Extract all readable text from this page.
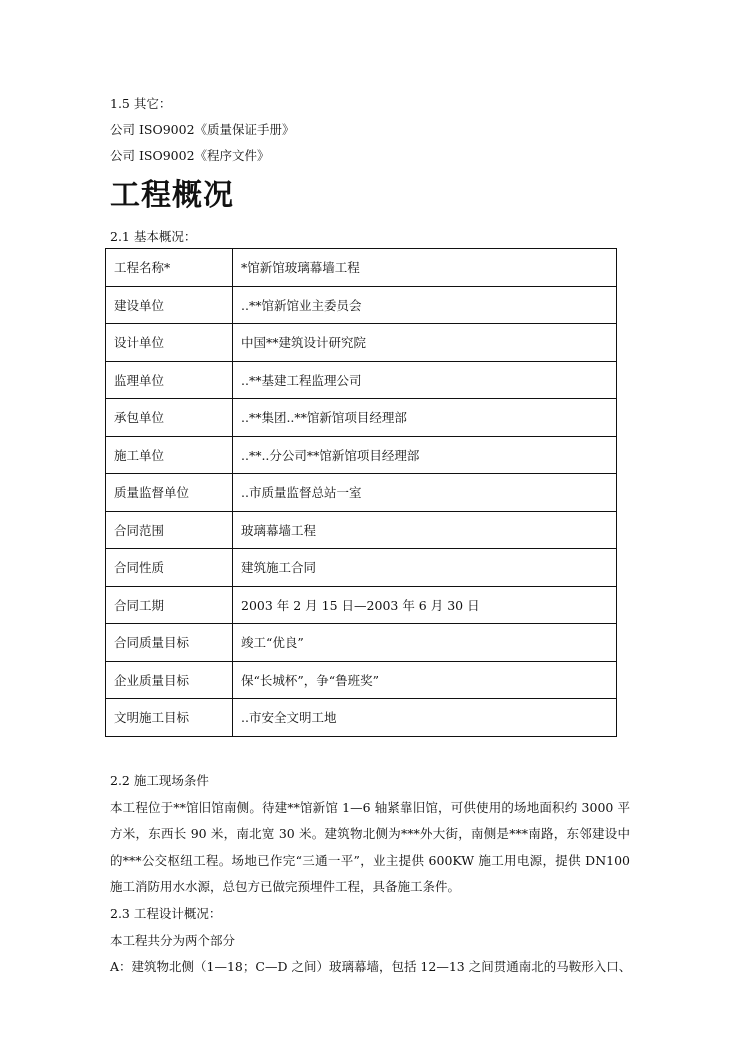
1.5 其它：
公司 ISO9002《质量保证手册》
公司 ISO9002《程序文件》
工程概况
2.1 基本概况：
工程名称*	*馆新馆玻璃幕墙工程
建设单位	..**馆新馆业主委员会
设计单位	中国**建筑设计研究院
监理单位	..**基建工程监理公司
承包单位	..**集团..**馆新馆项目经理部
施工单位	..**..分公司**馆新馆项目经理部
质量监督单位	..市质量监督总站一室
合同范围	玻璃幕墙工程
合同性质	建筑施工合同
合同工期	2003 年 2 月 15 日—2003 年 6 月 30 日
合同质量目标	竣工“优良”
企业质量目标	保“长城杯”，争“鲁班奖”
文明施工目标	..市安全文明工地
2.2 施工现场条件
本工程位于**馆旧馆南侧。待建**馆新馆 1—6 轴紧靠旧馆，可供使用的场地面积约 3000 平方米，东西长 90 米，南北宽 30 米。建筑物北侧为***外大街，南侧是***南路，东邻建设中的***公交枢纽工程。场地已作完“三通一平”，业主提供 600KW 施工用电源，提供 DN100 施工消防用水水源，总包方已做完预埋件工程，具备施工条件。
2.3 工程设计概况：
本工程共分为两个部分
A：建筑物北侧（1—18；C—D 之间）玻璃幕墙，包括 12—13 之间贯通南北的马鞍形入口、
